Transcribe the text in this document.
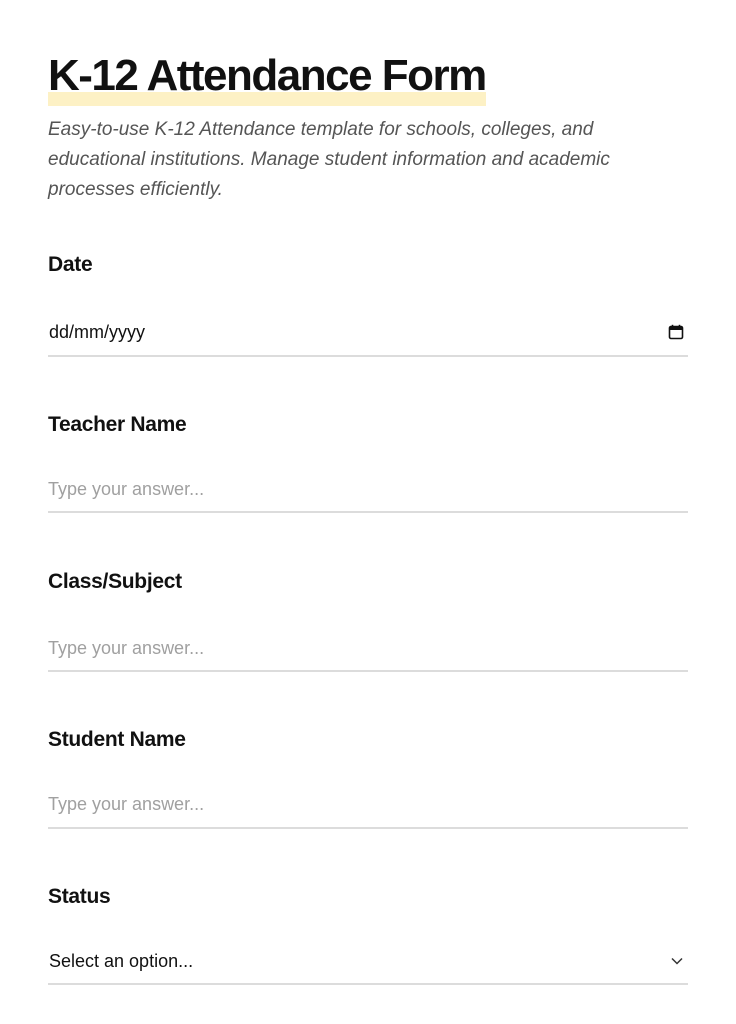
K-12 Attendance Form

Easy-to-use K-12 Attendance template for schools, colleges, and educational institutions. Manage student information and academic processes efficiently.

Date
dd/mm/yyyy
Teacher Name
Type your answer...
Class/Subject
Type your answer...
Student Name
Type your answer...
Status
Select an option...
